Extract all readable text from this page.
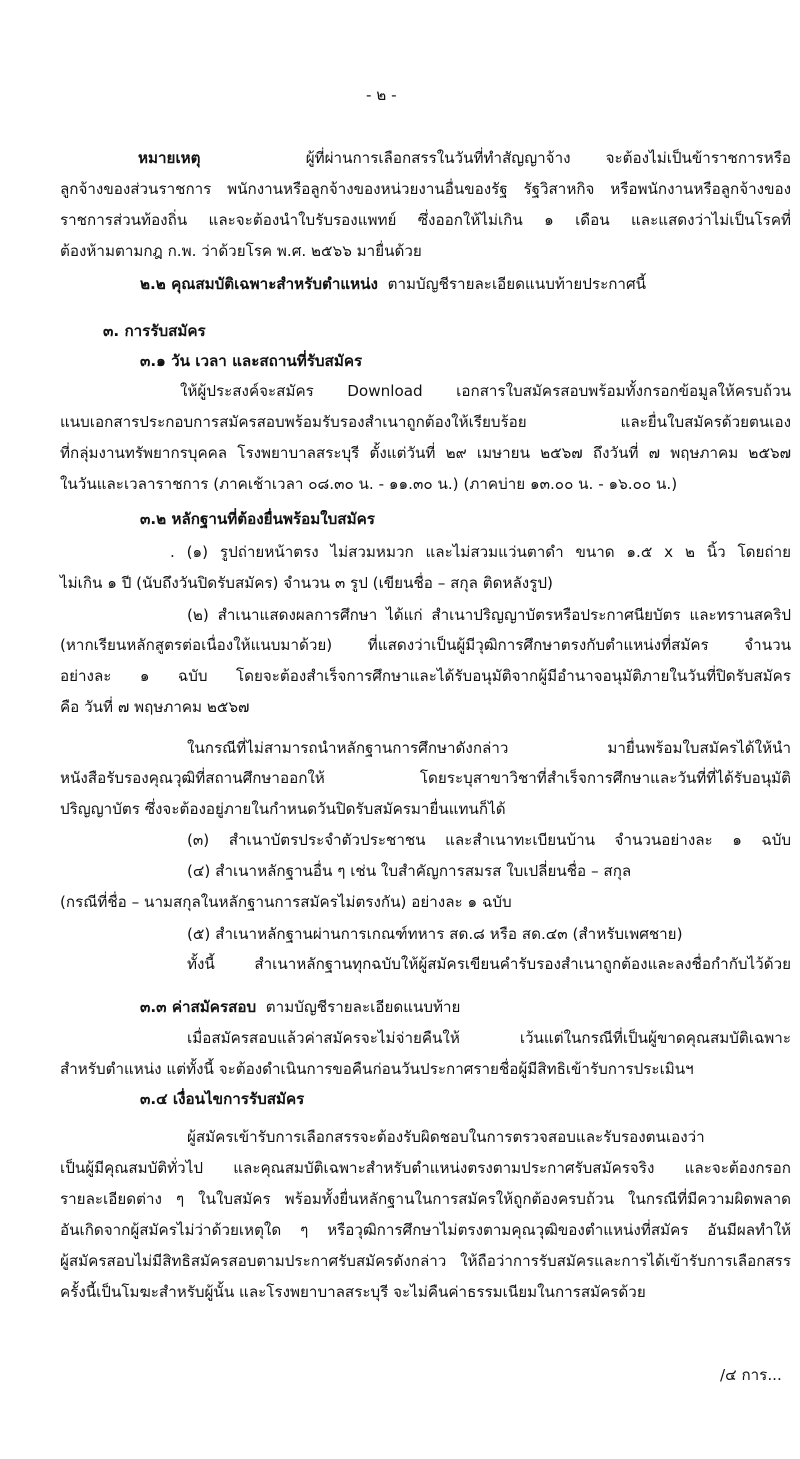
- ๒ -
หมายเหตุ	ผู้ที่ผ่านการเลือกสรรในวันที่ทำสัญญาจ้าง จะต้องไม่เป็นข้าราชการหรือ
ลูกจ้างของส่วนราชการ พนักงานหรือลูกจ้างของหน่วยงานอื่นของรัฐ รัฐวิสาหกิจ หรือพนักงานหรือลูกจ้างของ
ราชการส่วนท้องถิ่น และจะต้องนำใบรับรองแพทย์ ซึ่งออกให้ไม่เกิน ๑ เดือน และแสดงว่าไม่เป็นโรคที่
ต้องห้ามตามกฎ ก.พ. ว่าด้วยโรค พ.ศ. ๒๕๖๖ มายื่นด้วย
๒.๒ คุณสมบัติเฉพาะสำหรับตำแหน่ง ตามบัญชีรายละเอียดแนบท้ายประกาศนี้
๓. การรับสมัคร
๓.๑ วัน เวลา และสถานที่รับสมัคร
ให้ผู้ประสงค์จะสมัคร Download เอกสารใบสมัครสอบพร้อมทั้งกรอกข้อมูลให้ครบถ้วน
แนบเอกสารประกอบการสมัครสอบพร้อมรับรองสำเนาถูกต้องให้เรียบร้อย และยื่นใบสมัครด้วยตนเอง
ที่กลุ่มงานทรัพยากรบุคคล โรงพยาบาลสระบุรี ตั้งแต่วันที่ ๒๙ เมษายน ๒๕๖๗ ถึงวันที่ ๗ พฤษภาคม ๒๕๖๗
ในวันและเวลาราชการ (ภาคเช้าเวลา ๐๘.๓๐ น. - ๑๑.๓๐ น.) (ภาคบ่าย ๑๓.๐๐ น. - ๑๖.๐๐ น.)
๓.๒ หลักฐานที่ต้องยื่นพร้อมใบสมัคร
. (๑) รูปถ่ายหน้าตรง ไม่สวมหมวก และไม่สวมแว่นตาดำ ขนาด ๑.๕ x ๒ นิ้ว โดยถ่าย
ไม่เกิน ๑ ปี (นับถึงวันปิดรับสมัคร) จำนวน ๓ รูป (เขียนชื่อ – สกุล ติดหลังรูป)
(๒) สำเนาแสดงผลการศึกษา ได้แก่ สำเนาปริญญาบัตรหรือประกาศนียบัตร และทรานสคริป
(หากเรียนหลักสูตรต่อเนื่องให้แนบมาด้วย) ที่แสดงว่าเป็นผู้มีวุฒิการศึกษาตรงกับตำแหน่งที่สมัคร จำนวน
อย่างละ ๑ ฉบับ โดยจะต้องสำเร็จการศึกษาและได้รับอนุมัติจากผู้มีอำนาจอนุมัติภายในวันที่ปิดรับสมัคร
คือ วันที่ ๗ พฤษภาคม ๒๕๖๗
ในกรณีที่ไม่สามารถนำหลักฐานการศึกษาดังกล่าว มายื่นพร้อมใบสมัครได้ให้นำ
หนังสือรับรองคุณวุฒิที่สถานศึกษาออกให้ โดยระบุสาขาวิชาที่สำเร็จการศึกษาและวันที่ที่ได้รับอนุมัติ
ปริญญาบัตร ซึ่งจะต้องอยู่ภายในกำหนดวันปิดรับสมัครมายื่นแทนก็ได้
(๓) สำเนาบัตรประจำตัวประชาชน และสำเนาทะเบียนบ้าน จำนวนอย่างละ ๑ ฉบับ
(๔) สำเนาหลักฐานอื่น ๆ เช่น ใบสำคัญการสมรส ใบเปลี่ยนชื่อ – สกุล
(กรณีที่ชื่อ – นามสกุลในหลักฐานการสมัครไม่ตรงกัน) อย่างละ ๑ ฉบับ
(๕) สำเนาหลักฐานผ่านการเกณฑ์ทหาร สด.๘ หรือ สด.๔๓ (สำหรับเพศชาย)
ทั้งนี้ สำเนาหลักฐานทุกฉบับให้ผู้สมัครเขียนคำรับรองสำเนาถูกต้องและลงชื่อกำกับไว้ด้วย
๓.๓ ค่าสมัครสอบ ตามบัญชีรายละเอียดแนบท้าย
เมื่อสมัครสอบแล้วค่าสมัครจะไม่จ่ายคืนให้ เว้นแต่ในกรณีที่เป็นผู้ขาดคุณสมบัติเฉพาะ
สำหรับตำแหน่ง แต่ทั้งนี้ จะต้องดำเนินการขอคืนก่อนวันประกาศรายชื่อผู้มีสิทธิเข้ารับการประเมินฯ
๓.๔ เงื่อนไขการรับสมัคร
ผู้สมัครเข้ารับการเลือกสรรจะต้องรับผิดชอบในการตรวจสอบและรับรองตนเองว่า
เป็นผู้มีคุณสมบัติทั่วไป และคุณสมบัติเฉพาะสำหรับตำแหน่งตรงตามประกาศรับสมัครจริง และจะต้องกรอก
รายละเอียดต่าง ๆ ในใบสมัคร พร้อมทั้งยื่นหลักฐานในการสมัครให้ถูกต้องครบถ้วน ในกรณีที่มีความผิดพลาด
อันเกิดจากผู้สมัครไม่ว่าด้วยเหตุใด ๆ หรือวุฒิการศึกษาไม่ตรงตามคุณวุฒิของตำแหน่งที่สมัคร อันมีผลทำให้
ผู้สมัครสอบไม่มีสิทธิสมัครสอบตามประกาศรับสมัครดังกล่าว ให้ถือว่าการรับสมัครและการได้เข้ารับการเลือกสรร
ครั้งนี้เป็นโมฆะสำหรับผู้นั้น และโรงพยาบาลสระบุรี จะไม่คืนค่าธรรมเนียมในการสมัครด้วย
/๔ การ...
